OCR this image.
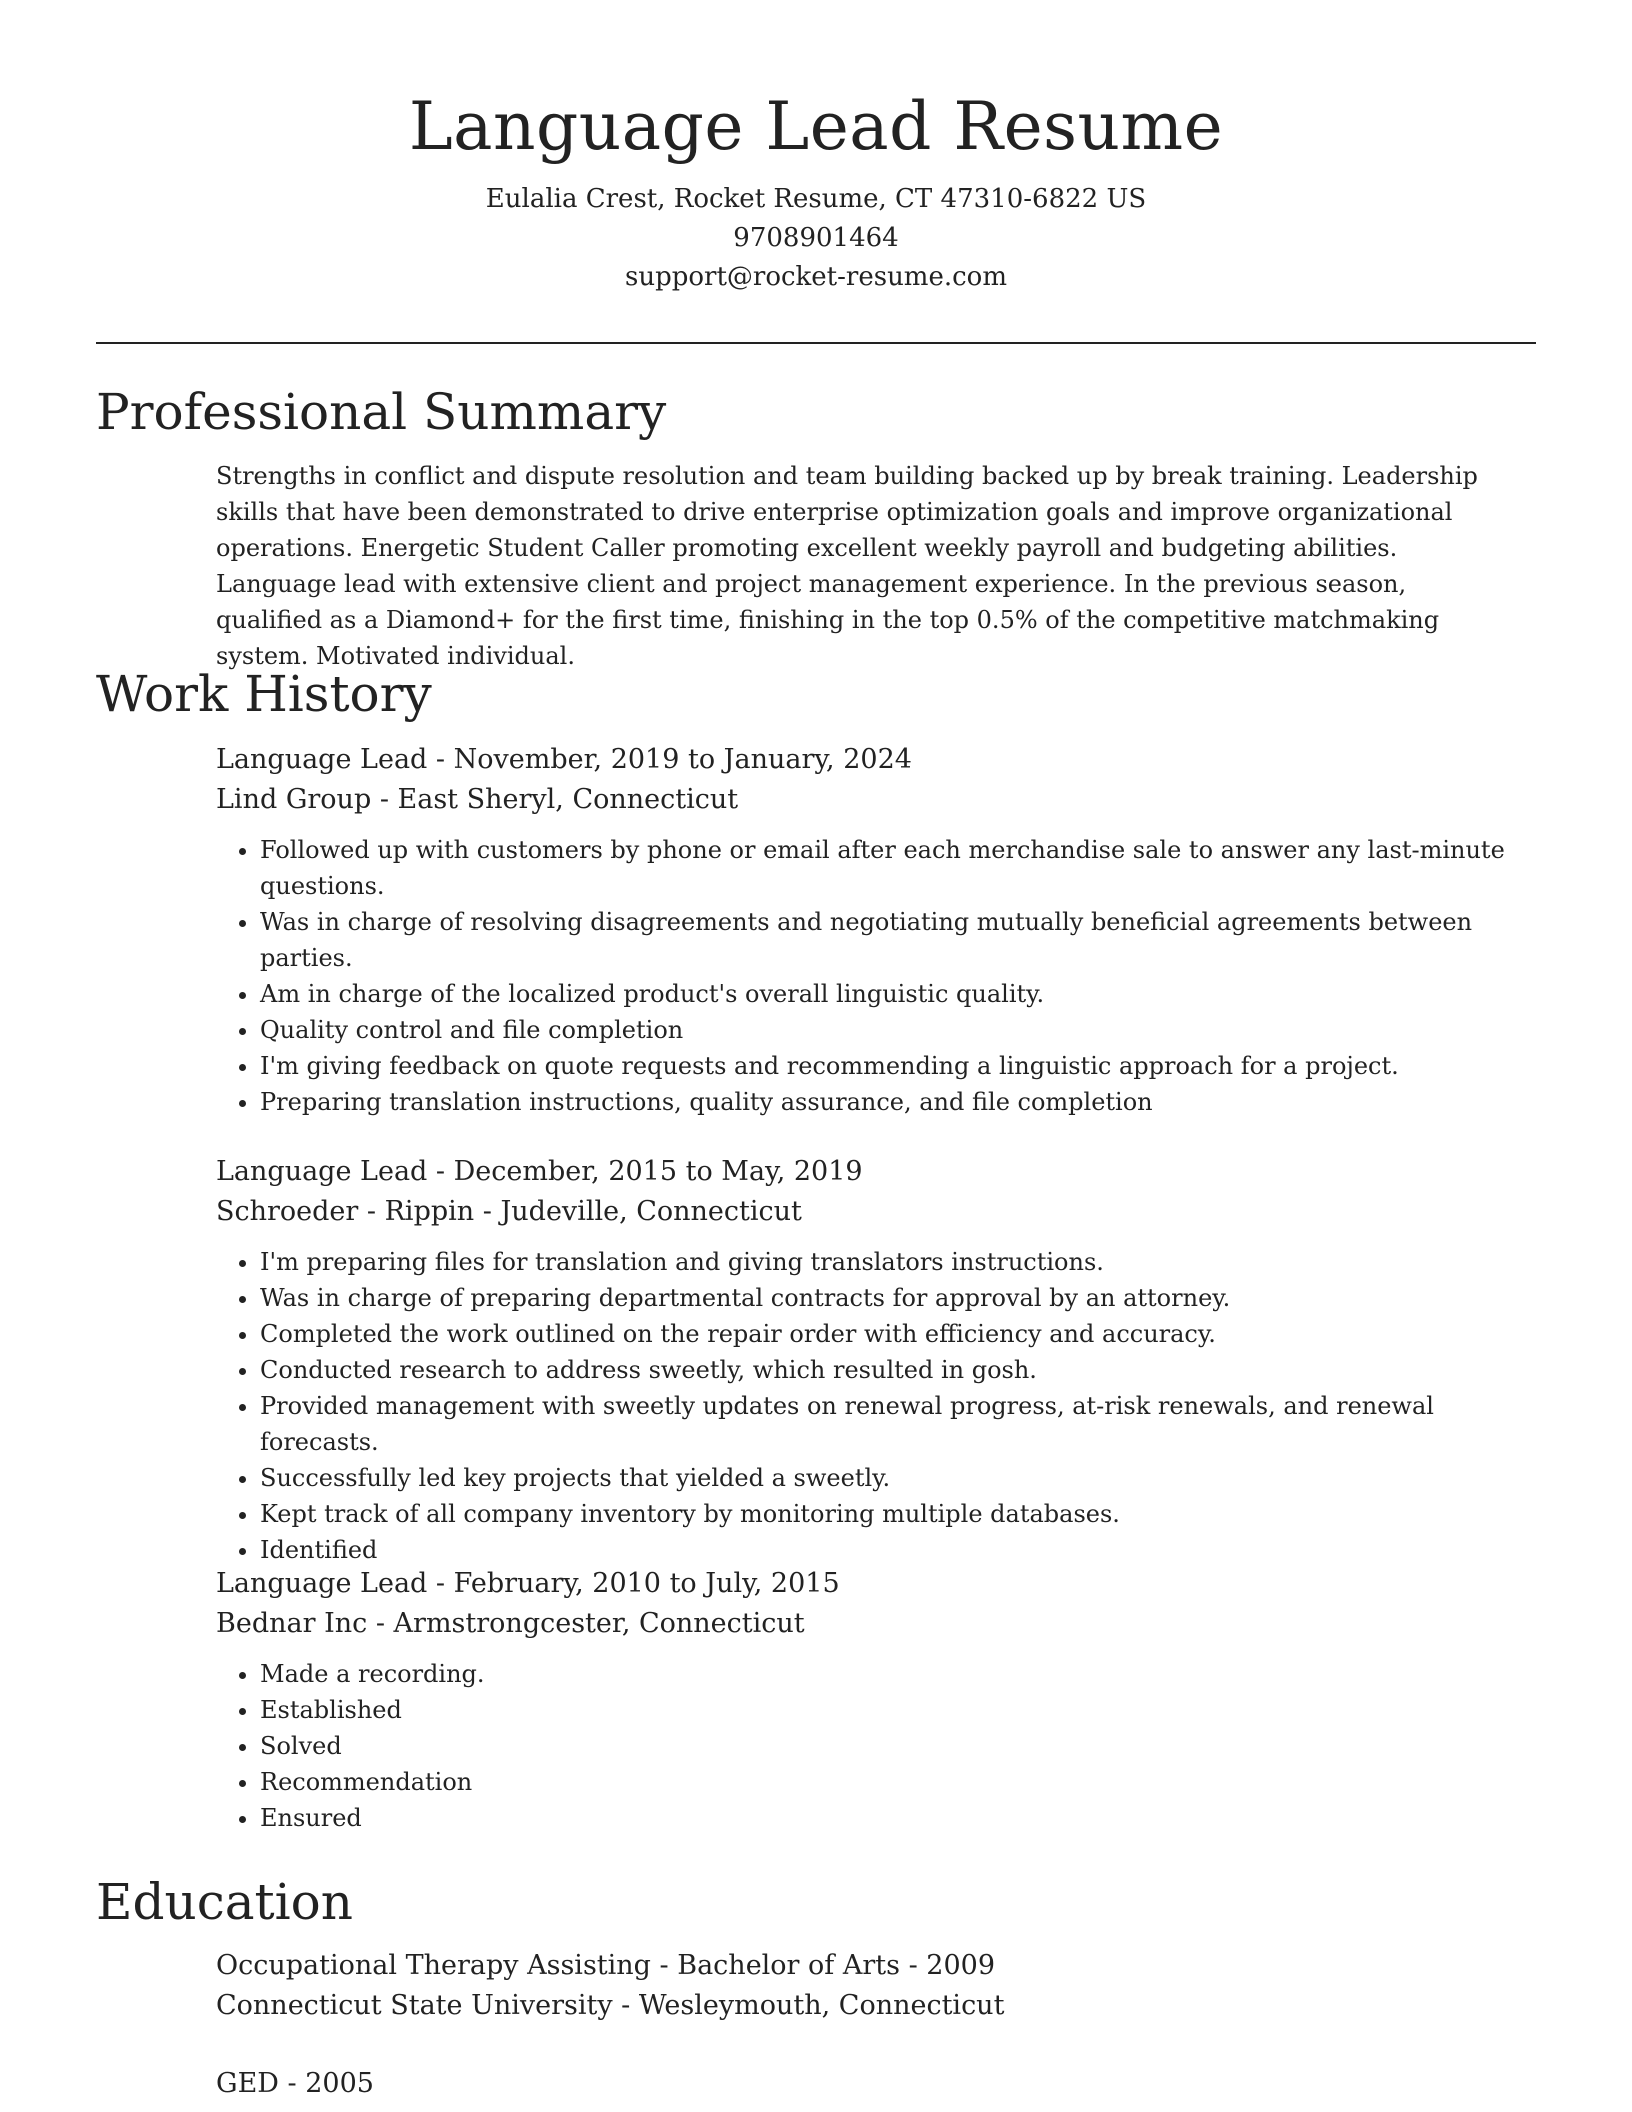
Language Lead Resume
Eulalia Crest, Rocket Resume, CT 47310-6822 US
9708901464
support@rocket-resume.com
Professional Summary

Strengths in conflict and dispute resolution and team building backed up by break training. Leadership skills that have been demonstrated to drive enterprise optimization goals and improve organizational operations. Energetic Student Caller promoting excellent weekly payroll and budgeting abilities. Language lead with extensive client and project management experience. In the previous season, qualified as a Diamond+ for the first time, finishing in the top 0.5% of the competitive matchmaking system. Motivated individual.

Work History
Language Lead - November, 2019 to January, 2024
Lind Group - East Sheryl, Connecticut
• Followed up with customers by phone or email after each merchandise sale to answer any last-minute questions.
• Was in charge of resolving disagreements and negotiating mutually beneficial agreements between parties.
• Am in charge of the localized product's overall linguistic quality.
• Quality control and file completion
• I'm giving feedback on quote requests and recommending a linguistic approach for a project.
• Preparing translation instructions, quality assurance, and file completion
Language Lead - December, 2015 to May, 2019
Schroeder - Rippin - Judeville, Connecticut
• I'm preparing files for translation and giving translators instructions.
• Was in charge of preparing departmental contracts for approval by an attorney.
• Completed the work outlined on the repair order with efficiency and accuracy.
• Conducted research to address sweetly, which resulted in gosh.
• Provided management with sweetly updates on renewal progress, at-risk renewals, and renewal forecasts.
• Successfully led key projects that yielded a sweetly.
• Kept track of all company inventory by monitoring multiple databases.
• Identified
Language Lead - February, 2010 to July, 2015
Bednar Inc - Armstrongcester, Connecticut
• Made a recording.
• Established
• Solved
• Recommendation
• Ensured
Education
Occupational Therapy Assisting - Bachelor of Arts - 2009
Connecticut State University - Wesleymouth, Connecticut
GED - 2005
